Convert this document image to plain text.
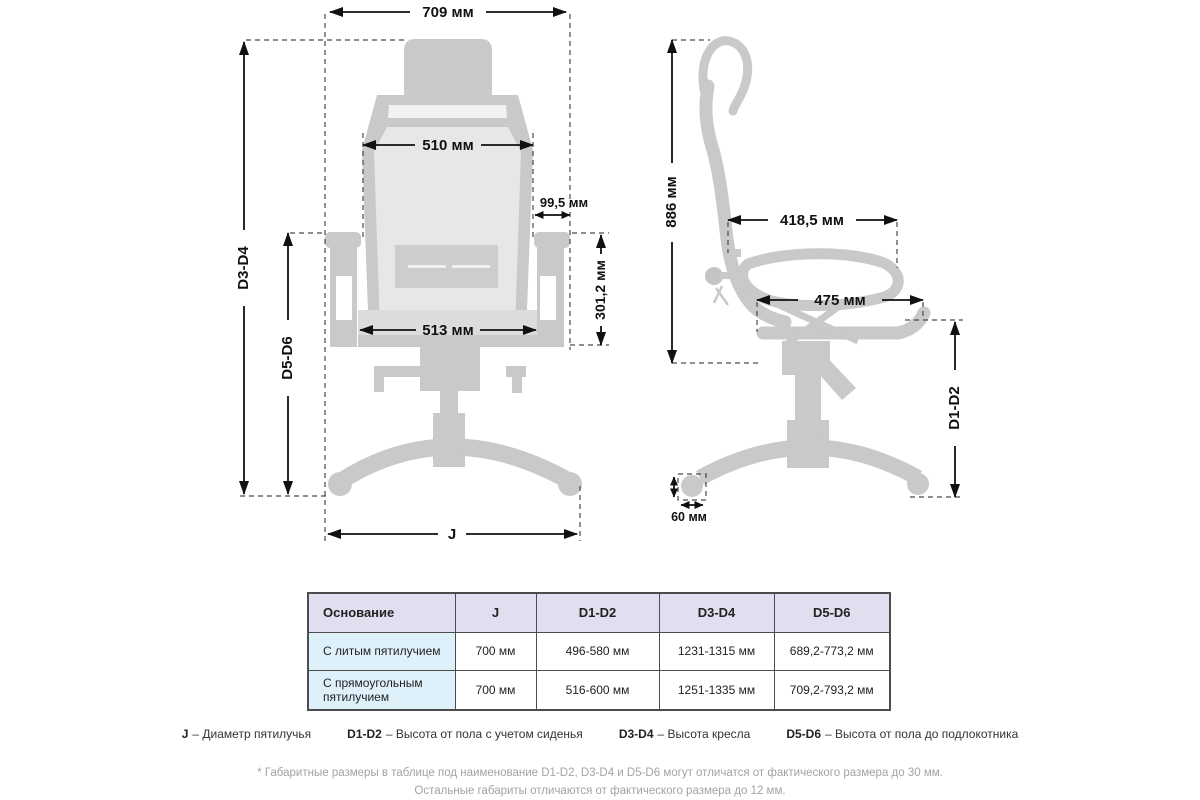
709 мм
D3-D4
D5-D6
510 мм
99,5 мм
301,2 мм
513 мм
J
886 мм	418,5 мм
475 мм
D1-D2
60 мм
Основание	J	D1-D2	D3-D4	D5-D6
С литым пятилучием	700 мм	496-580 мм	1231-1315 мм	689,2-773,2 мм
С прямоугольным пятилучием	700 мм	516-600 мм	1251-1335 мм	709,2-793,2 мм
J – Диаметр пятилучья	D1-D2 – Высота от пола с учетом сиденья	D3-D4 – Высота кресла	D5-D6 – Высота от пола до подлокотника
* Габаритные размеры в таблице под наименование D1-D2, D3-D4 и D5-D6 могут отличатся от фактического размера до 30 мм.
Остальные габариты отличаются от фактического размера до 12 мм.
